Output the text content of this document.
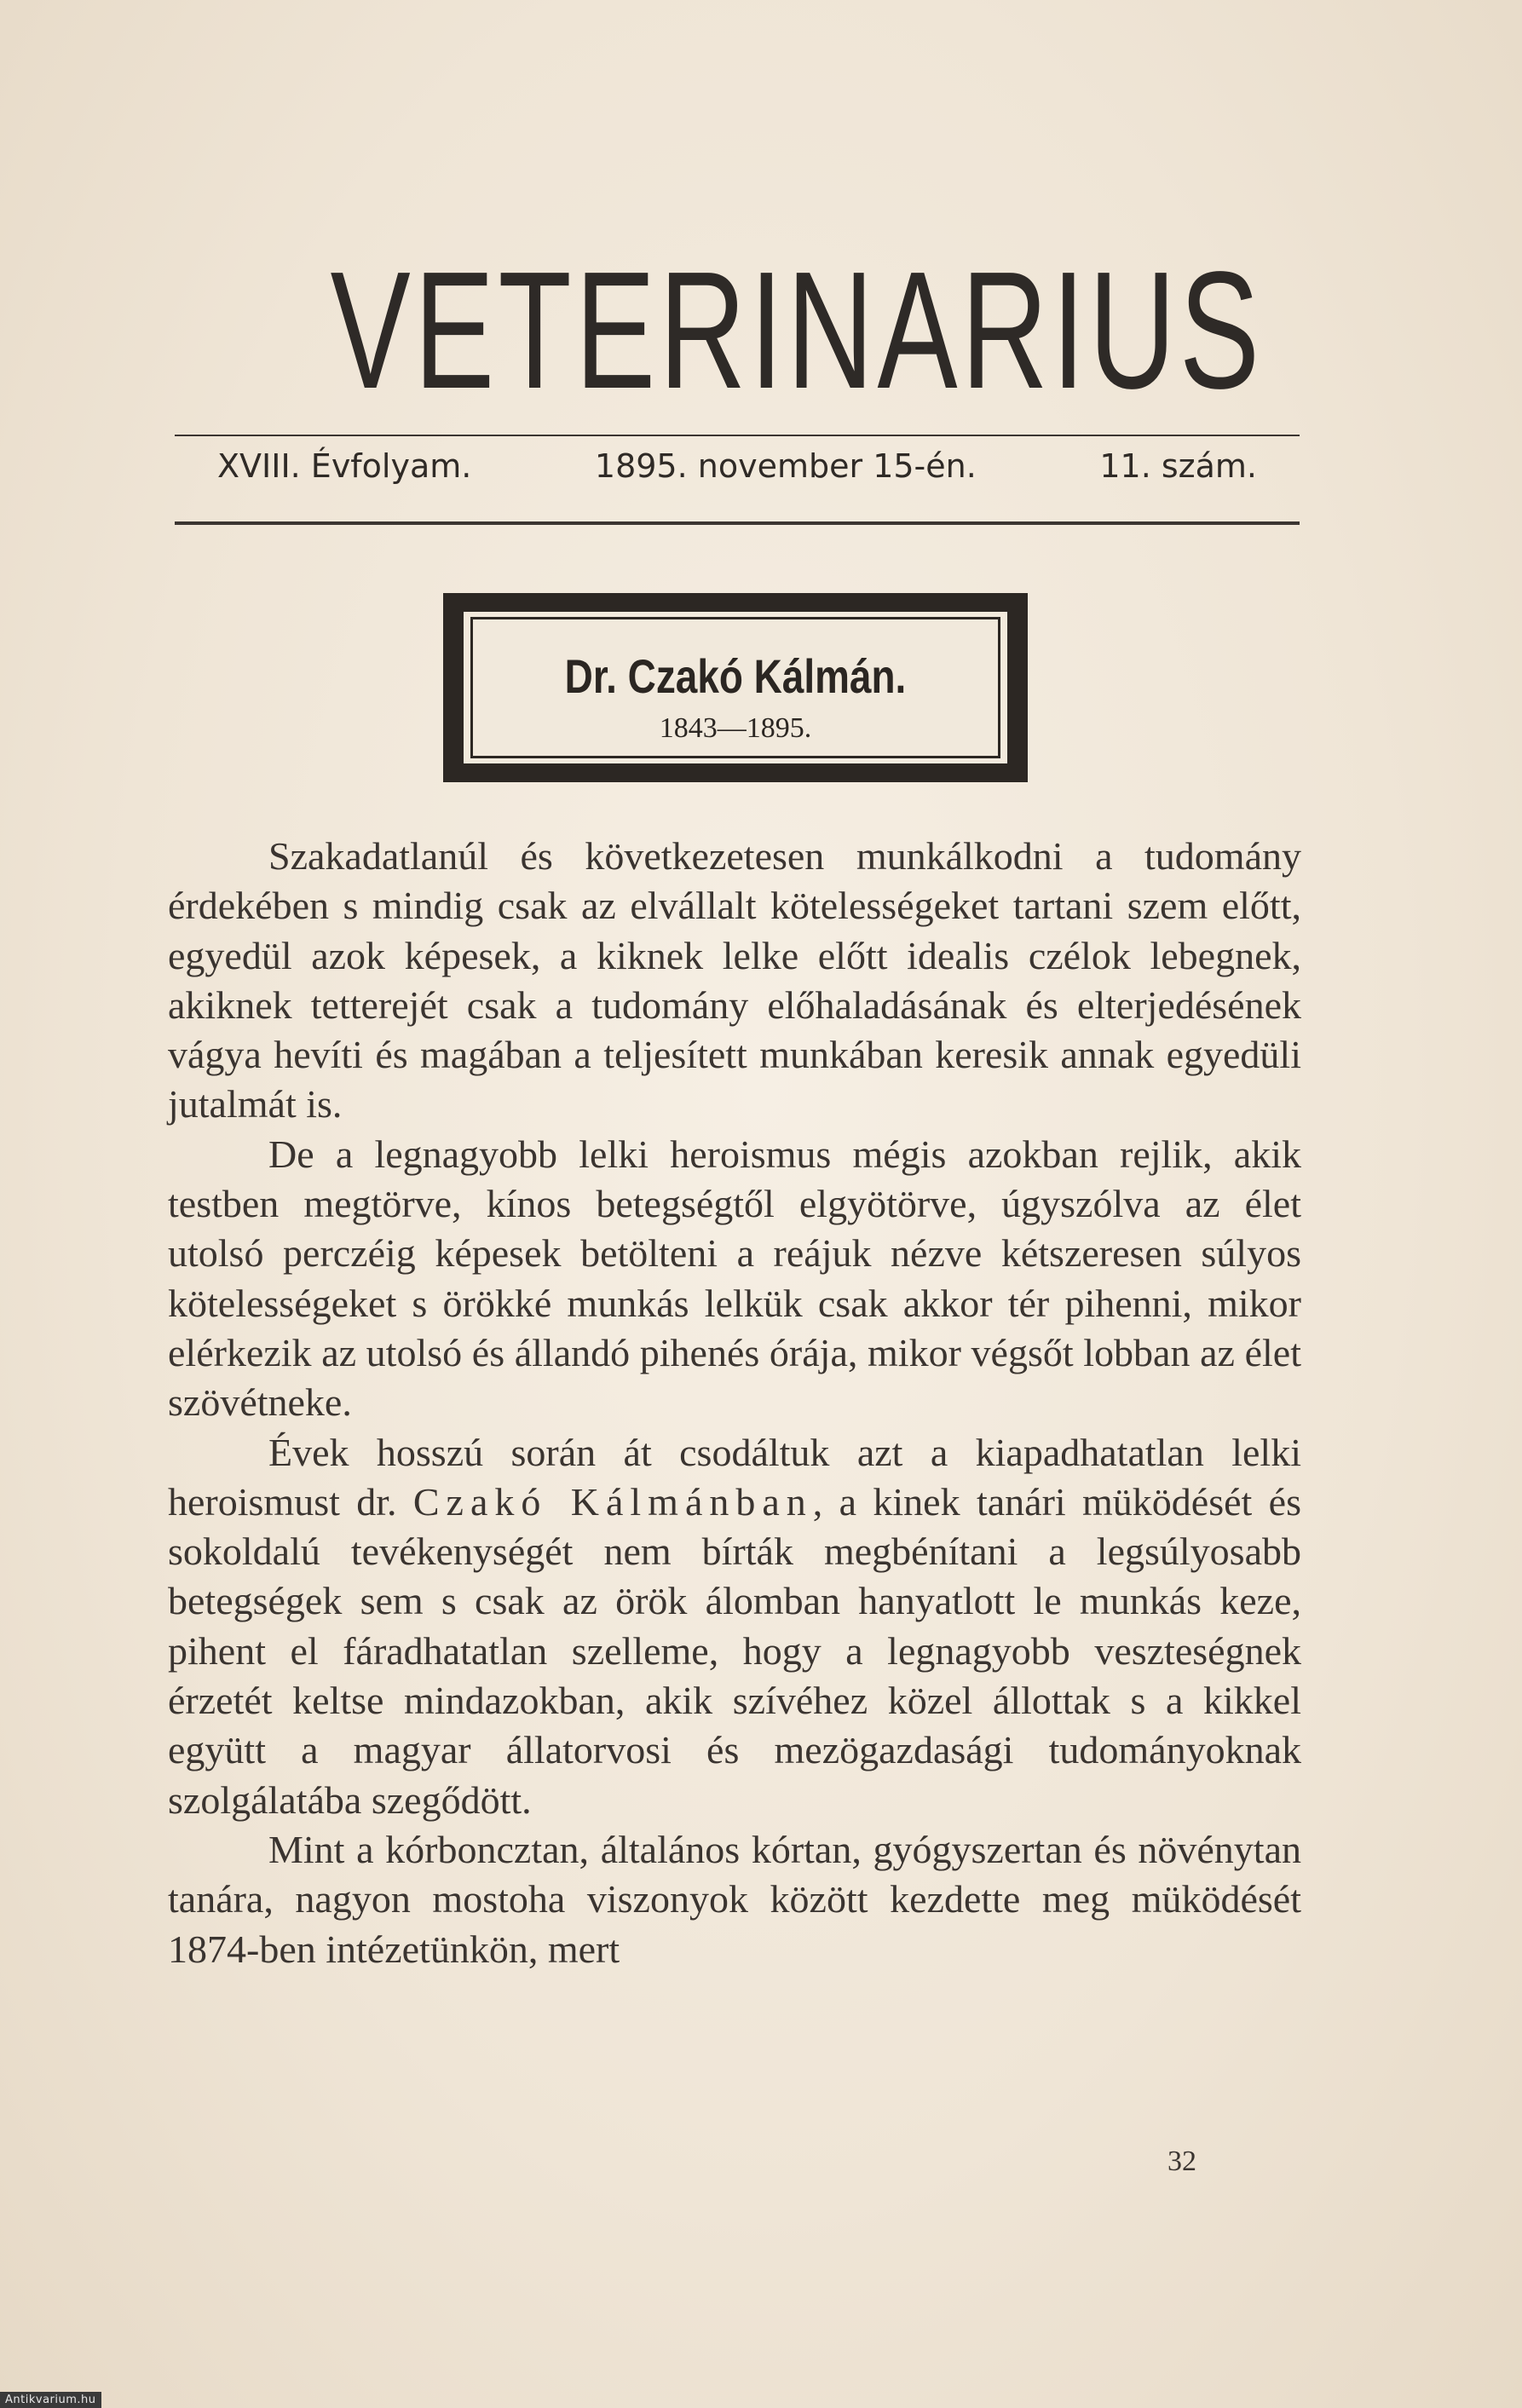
VETERINARIUS
XVIII. Évfolyam.	1895. november 15-én.	11. szám.
Dr. Czakó Kálmán.
1843—1895.

Szakadatlanúl és következetesen munkálkodni a tudomány érdekében s mindig csak az elvállalt kötelességeket tartani szem előtt, egyedül azok képesek, a kiknek lelke előtt idealis czélok lebegnek, akiknek tetterejét csak a tudomány előhaladásának és elterjedésének vágya hevíti és magában a teljesített munkában keresik annak egyedüli jutalmát is.

De a legnagyobb lelki heroismus mégis azokban rejlik, akik testben megtörve, kínos betegségtől elgyötörve, úgyszólva az élet utolsó perczéig képesek betölteni a reájuk nézve kétszeresen súlyos kötelességeket s örökké munkás lelkük csak akkor tér pihenni, mikor elérkezik az utolsó és állandó pihenés órája, mikor végsőt lobban az élet szövétneke.

Évek hosszú során át csodáltuk azt a kiapadhatatlan lelki heroismust dr. Czakó Kálmánban, a kinek tanári müködését és sokoldalú tevékenységét nem bírták megbénítani a legsúlyosabb betegségek sem s csak az örök álomban hanyatlott le munkás keze, pihent el fáradhatatlan szelleme, hogy a legnagyobb veszteségnek érzetét keltse mindazokban, akik szívéhez közel állottak s a kikkel együtt a magyar állatorvosi és mezögazdasági tudományoknak szolgálatába szegődött.

Mint a kórboncztan, általános kórtan, gyógyszertan és növénytan tanára, nagyon mostoha viszonyok között kezdette meg müködését 1874-ben intézetünkön, mert

32
Antikvarium.hu
